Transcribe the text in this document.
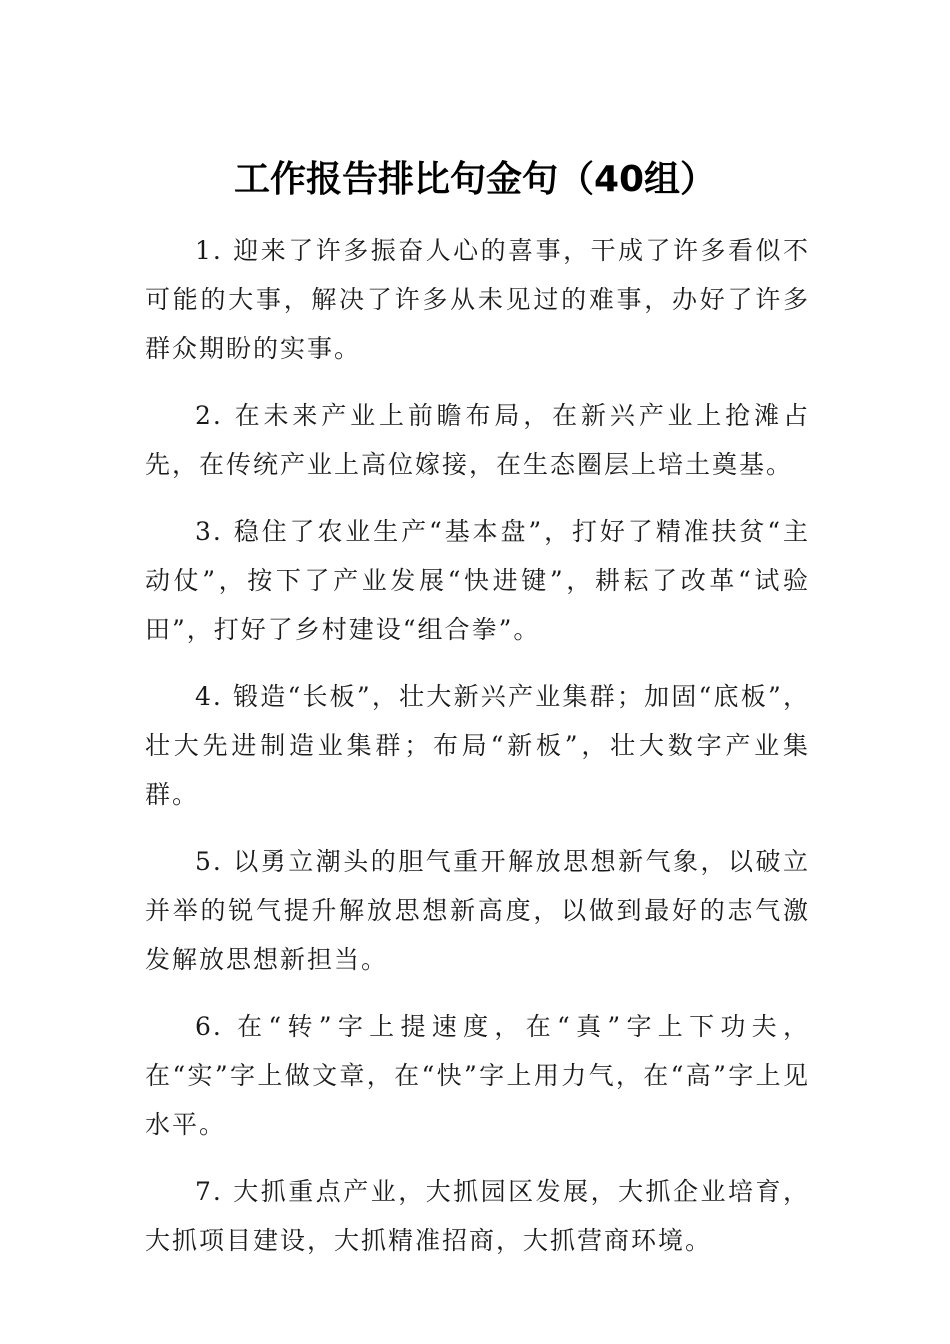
工作报告排比句金句（40组）

1. 迎来了许多振奋人心的喜事，干成了许多看似不可能的大事，解决了许多从未见过的难事，办好了许多群众期盼的实事。

2. 在未来产业上前瞻布局，在新兴产业上抢滩占先，在传统产业上高位嫁接，在生态圈层上培土奠基。

3. 稳住了农业生产“基本盘”，打好了精准扶贫“主动仗”，按下了产业发展“快进键”，耕耘了改革“试验田”，打好了乡村建设“组合拳”。

4. 锻造“长板”，壮大新兴产业集群；加固“底板”，壮大先进制造业集群；布局“新板”，壮大数字产业集群。

5. 以勇立潮头的胆气重开解放思想新气象，以破立并举的锐气提升解放思想新高度，以做到最好的志气激发解放思想新担当。

6. 在“转”字上提速度，在“真”字上下功夫，在“实”字上做文章，在“快”字上用力气，在“高”字上见水平。

7. 大抓重点产业，大抓园区发展，大抓企业培育，大抓项目建设，大抓精准招商，大抓营商环境。
